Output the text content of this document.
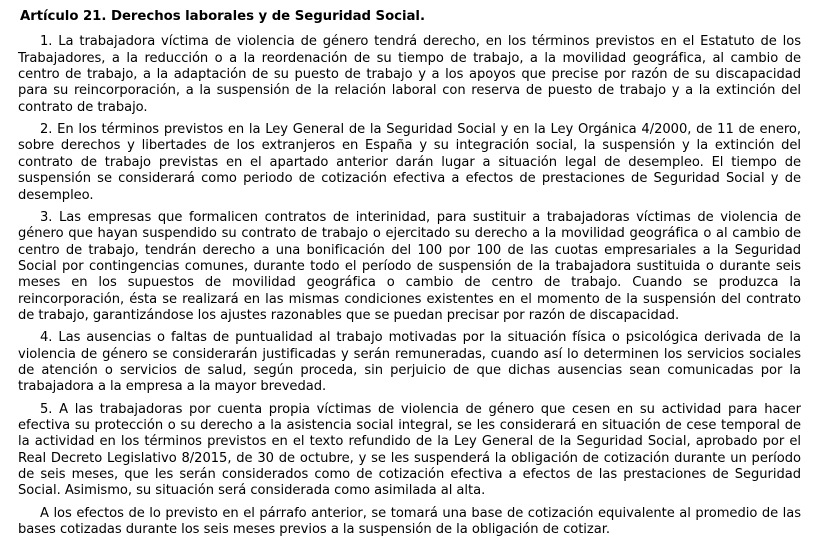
Artículo 21. Derechos laborales y de Seguridad Social.

1. La trabajadora víctima de violencia de género tendrá derecho, en los términos previstos en el Estatuto de los Trabajadores, a la reducción o a la reordenación de su tiempo de trabajo, a la movilidad geográfica, al cambio de centro de trabajo, a la adaptación de su puesto de trabajo y a los apoyos que precise por razón de su discapacidad para su reincorporación, a la suspensión de la relación laboral con reserva de puesto de trabajo y a la extinción del contrato de trabajo.

2. En los términos previstos en la Ley General de la Seguridad Social y en la Ley Orgánica 4/2000, de 11 de enero, sobre derechos y libertades de los extranjeros en España y su integración social, la suspensión y la extinción del contrato de trabajo previstas en el apartado anterior darán lugar a situación legal de desempleo. El tiempo de suspensión se considerará como periodo de cotización efectiva a efectos de prestaciones de Seguridad Social y de desempleo.

3. Las empresas que formalicen contratos de interinidad, para sustituir a trabajadoras víctimas de violencia de género que hayan suspendido su contrato de trabajo o ejercitado su derecho a la movilidad geográfica o al cambio de centro de trabajo, tendrán derecho a una bonificación del 100 por 100 de las cuotas empresariales a la Seguridad Social por contingencias comunes, durante todo el período de suspensión de la trabajadora sustituida o durante seis meses en los supuestos de movilidad geográfica o cambio de centro de trabajo. Cuando se produzca la reincorporación, ésta se realizará en las mismas condiciones existentes en el momento de la suspensión del contrato de trabajo, garantizándose los ajustes razonables que se puedan precisar por razón de discapacidad.

4. Las ausencias o faltas de puntualidad al trabajo motivadas por la situación física o psicológica derivada de la violencia de género se considerarán justificadas y serán remuneradas, cuando así lo determinen los servicios sociales de atención o servicios de salud, según proceda, sin perjuicio de que dichas ausencias sean comunicadas por la trabajadora a la empresa a la mayor brevedad.

5. A las trabajadoras por cuenta propia víctimas de violencia de género que cesen en su actividad para hacer efectiva su protección o su derecho a la asistencia social integral, se les considerará en situación de cese temporal de la actividad en los términos previstos en el texto refundido de la Ley General de la Seguridad Social, aprobado por el Real Decreto Legislativo 8/2015, de 30 de octubre, y se les suspenderá la obligación de cotización durante un período de seis meses, que les serán considerados como de cotización efectiva a efectos de las prestaciones de Seguridad Social. Asimismo, su situación será considerada como asimilada al alta.

A los efectos de lo previsto en el párrafo anterior, se tomará una base de cotización equivalente al promedio de las bases cotizadas durante los seis meses previos a la suspensión de la obligación de cotizar.
